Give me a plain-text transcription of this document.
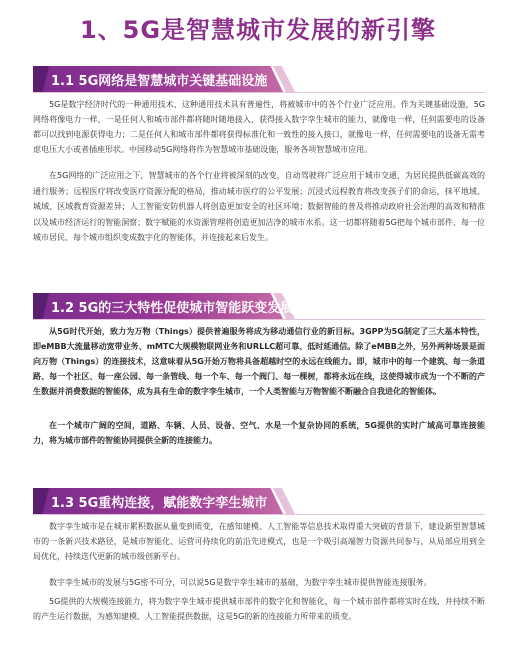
1、5G是智慧城市发展的新引擎
1.1 5G网络是智慧城市关键基础设施
5G是数字经济时代的一种通用技术，这种通用技术具有普遍性，将被城市中的各个行业广泛应用。作为关键基础设施，5G网络将像电力一样，一是任何人和城市部件都将随时随地接入，获得接入数字孪生城市的能力，就像电一样，任何需要电的设备都可以找到电源获得电力；二是任何人和城市部件都将获得标准化和一致性的接入接口，就像电一样，任何需要电的设备无需考虑电压大小或者插座形状。中国移动5G网络将作为智慧城市基础设施，服务各项智慧城市应用。
在5G网络的广泛应用之下，智慧城市的各个行业将被深刻的改变，自动驾驶将广泛应用于城市交通，为居民提供低碳高效的通行服务；远程医疗将改变医疗资源分配的格局，推动城市医疗的公平发展；沉浸式远程教育将改变孩子们的命运，抹平地域、城域、区域教育资源差异；人工智能安防机器人将创造更加安全的社区环境；数据智能的普及将推动政府社会治理的高效和精准以及城市经济运行的智能洞察；数字赋能的水资源管理将创造更加洁净的城市水系。这一切都将随着5G把每个城市部件、每一位城市居民、每个城市组织变成数字化的智能体，并连接起来后发生。
1.2 5G的三大特性促使城市智能跃变发展
从5G时代开始，致力为万物（Things）提供普遍服务将成为移动通信行业的新目标。3GPP为5G制定了三大基本特性，即eMBB大流量移动宽带业务、mMTC大规模物联网业务和URLLC超可靠、低时延通信。除了eMBB之外，另外两种场景是面向万物（Things）的连接技术，这意味着从5G开始万物将具备超越时空的永远在线能力。即，城市中的每一个建筑、每一条道路、每一个社区、每一座公园、每一条管线、每一个车、每一个阀门、每一棵树，都将永远在线，这使得城市成为一个不断的产生数据并消费数据的智能体，成为具有生命的数字孪生城市，一个人类智能与万物智能不断融合自我进化的智能体。
在一个城市广阔的空间，道路、车辆、人员、设备、空气、水是一个复杂协同的系统，5G提供的实时广域高可靠连接能力，将为城市部件的智能协同提供全新的连接能力。
1.3 5G重构连接，赋能数字孪生城市
数字孪生城市是在城市累积数据从量变到质变，在感知建模、人工智能等信息技术取得重大突破的背景下，建设新型智慧城市的一条新兴技术路径，是城市智能化、运营可持续化的前沿先进模式，也是一个吸引高端智力资源共同参与，从局部应用到全局优化，持续迭代更新的城市级创新平台。
数字孪生城市的发展与5G密不可分，可以说5G是数字孪生城市的基础，为数字孪生城市提供智能连接服务。
5G提供的大规模连接能力，将为数字孪生城市提供城市部件的数字化和智能化，每一个城市部件都将实时在线，并持续不断的产生运行数据，为感知建模、人工智能提供数据，这是5G的新的连接能力所带来的质变。
